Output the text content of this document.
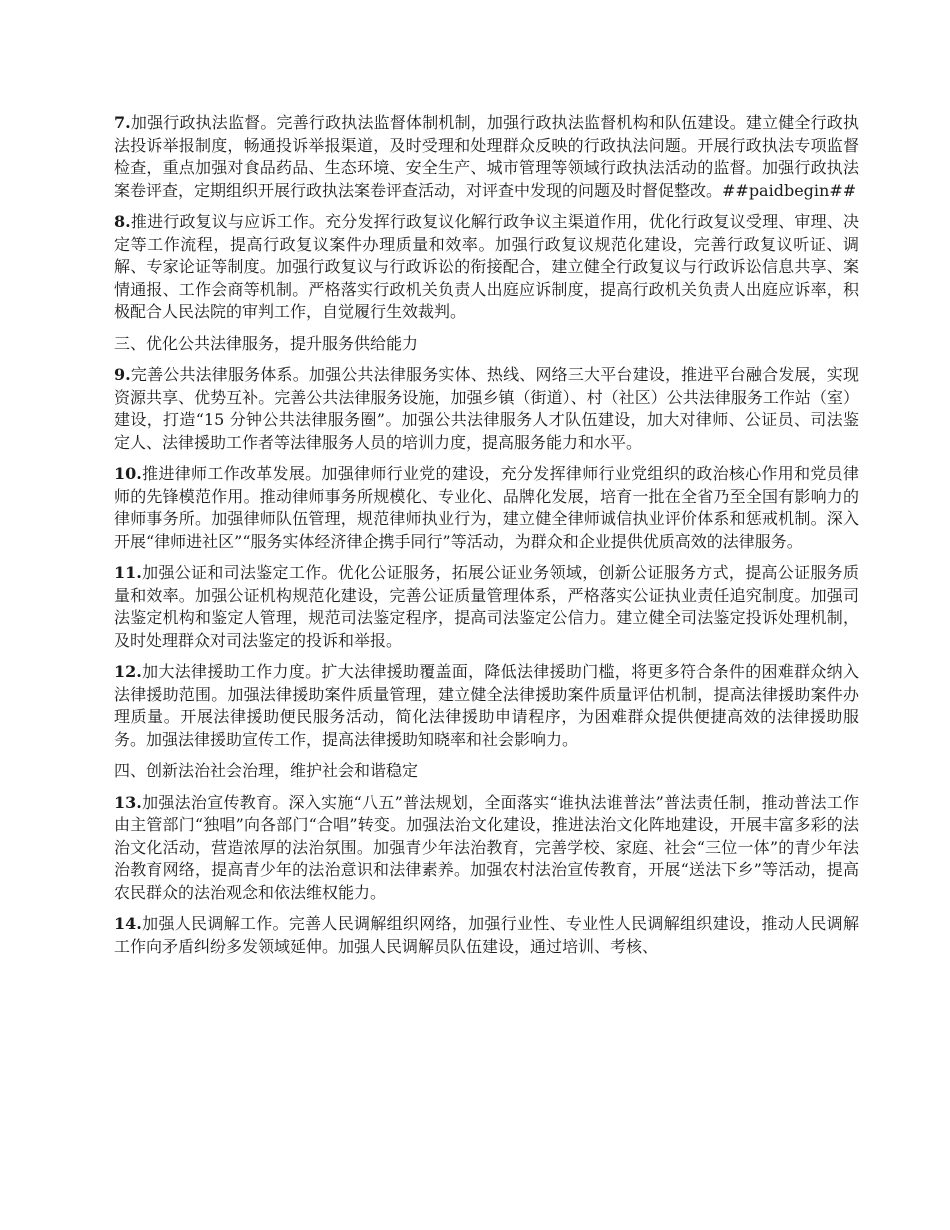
7.加强行政执法监督。完善行政执法监督体制机制，加强行政执法监督机构和队伍建设。建立健全行政执法投诉举报制度，畅通投诉举报渠道，及时受理和处理群众反映的行政执法问题。开展行政执法专项监督检查，重点加强对食品药品、生态环境、安全生产、城市管理等领域行政执法活动的监督。加强行政执法案卷评查，定期组织开展行政执法案卷评查活动，对评查中发现的问题及时督促整改。##paidbegin##

8.推进行政复议与应诉工作。充分发挥行政复议化解行政争议主渠道作用，优化行政复议受理、审理、决定等工作流程，提高行政复议案件办理质量和效率。加强行政复议规范化建设，完善行政复议听证、调解、专家论证等制度。加强行政复议与行政诉讼的衔接配合，建立健全行政复议与行政诉讼信息共享、案情通报、工作会商等机制。严格落实行政机关负责人出庭应诉制度，提高行政机关负责人出庭应诉率，积极配合人民法院的审判工作，自觉履行生效裁判。

三、优化公共法律服务，提升服务供给能力

9.完善公共法律服务体系。加强公共法律服务实体、热线、网络三大平台建设，推进平台融合发展，实现资源共享、优势互补。完善公共法律服务设施，加强乡镇（街道）、村（社区）公共法律服务工作站（室）建设，打造“15 分钟公共法律服务圈”。加强公共法律服务人才队伍建设，加大对律师、公证员、司法鉴定人、法律援助工作者等法律服务人员的培训力度，提高服务能力和水平。

10.推进律师工作改革发展。加强律师行业党的建设，充分发挥律师行业党组织的政治核心作用和党员律师的先锋模范作用。推动律师事务所规模化、专业化、品牌化发展，培育一批在全省乃至全国有影响力的律师事务所。加强律师队伍管理，规范律师执业行为，建立健全律师诚信执业评价体系和惩戒机制。深入开展“律师进社区”“服务实体经济律企携手同行”等活动，为群众和企业提供优质高效的法律服务。

11.加强公证和司法鉴定工作。优化公证服务，拓展公证业务领域，创新公证服务方式，提高公证服务质量和效率。加强公证机构规范化建设，完善公证质量管理体系，严格落实公证执业责任追究制度。加强司法鉴定机构和鉴定人管理，规范司法鉴定程序，提高司法鉴定公信力。建立健全司法鉴定投诉处理机制，及时处理群众对司法鉴定的投诉和举报。

12.加大法律援助工作力度。扩大法律援助覆盖面，降低法律援助门槛，将更多符合条件的困难群众纳入法律援助范围。加强法律援助案件质量管理，建立健全法律援助案件质量评估机制，提高法律援助案件办理质量。开展法律援助便民服务活动，简化法律援助申请程序，为困难群众提供便捷高效的法律援助服务。加强法律援助宣传工作，提高法律援助知晓率和社会影响力。

四、创新法治社会治理，维护社会和谐稳定

13.加强法治宣传教育。深入实施“八五”普法规划，全面落实“谁执法谁普法”普法责任制，推动普法工作由主管部门“独唱”向各部门“合唱”转变。加强法治文化建设，推进法治文化阵地建设，开展丰富多彩的法治文化活动，营造浓厚的法治氛围。加强青少年法治教育，完善学校、家庭、社会“三位一体”的青少年法治教育网络，提高青少年的法治意识和法律素养。加强农村法治宣传教育，开展“送法下乡”等活动，提高农民群众的法治观念和依法维权能力。

14.加强人民调解工作。完善人民调解组织网络，加强行业性、专业性人民调解组织建设，推动人民调解工作向矛盾纠纷多发领域延伸。加强人民调解员队伍建设，通过培训、考核、
